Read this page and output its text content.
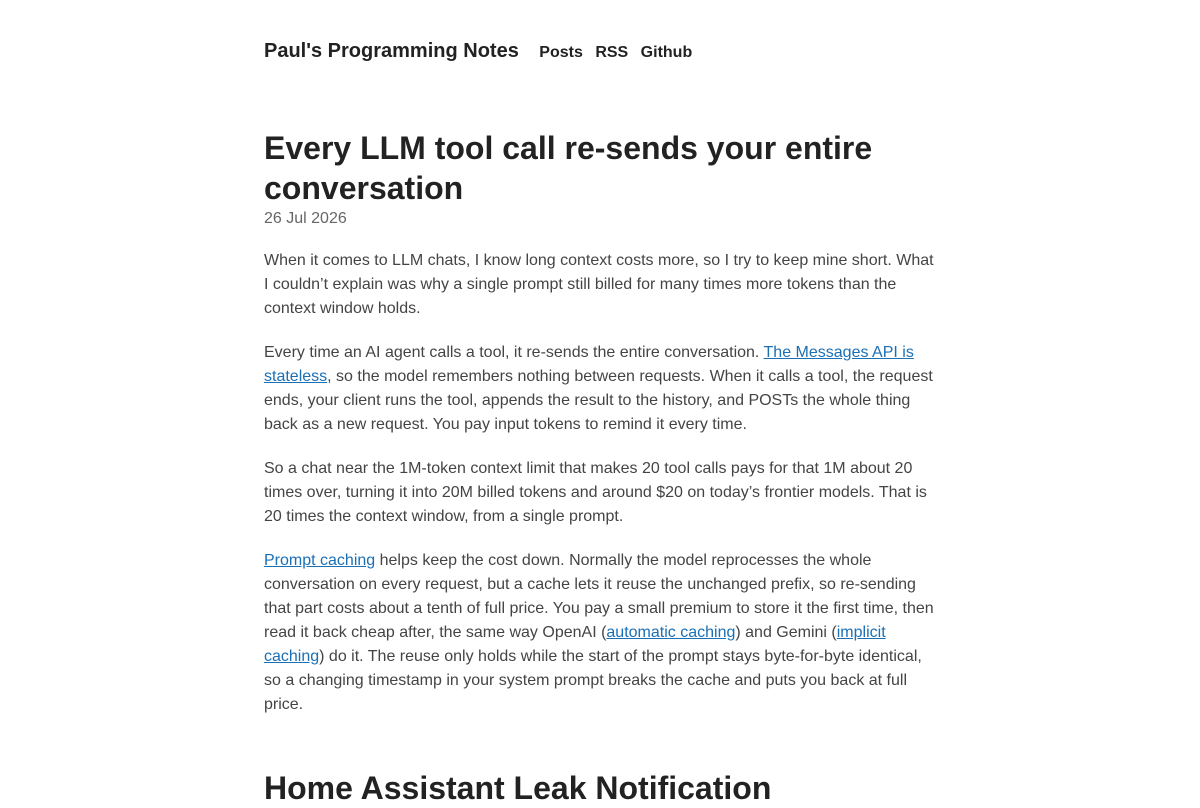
Paul's Programming Notes Posts RSS Github
Every LLM tool call re-sends your entire conversation
26 Jul 2026

When it comes to LLM chats, I know long context costs more, so I try to keep mine short. What I couldn’t explain was why a single prompt still billed for many times more tokens than the context window holds.

Every time an AI agent calls a tool, it re-sends the entire conversation. The Messages API is stateless, so the model remembers nothing between requests. When it calls a tool, the request ends, your client runs the tool, appends the result to the history, and POSTs the whole thing back as a new request. You pay input tokens to remind it every time.

So a chat near the 1M-token context limit that makes 20 tool calls pays for that 1M about 20 times over, turning it into 20M billed tokens and around $20 on today’s frontier models. That is 20 times the context window, from a single prompt.

Prompt caching helps keep the cost down. Normally the model reprocesses the whole conversation on every request, but a cache lets it reuse the unchanged prefix, so re-sending that part costs about a tenth of full price. You pay a small premium to store it the first time, then read it back cheap after, the same way OpenAI (automatic caching) and Gemini (implicit caching) do it. The reuse only holds while the start of the prompt stays byte-for-byte identical, so a changing timestamp in your system prompt breaks the cache and puts you back at full price.

Home Assistant Leak Notification
